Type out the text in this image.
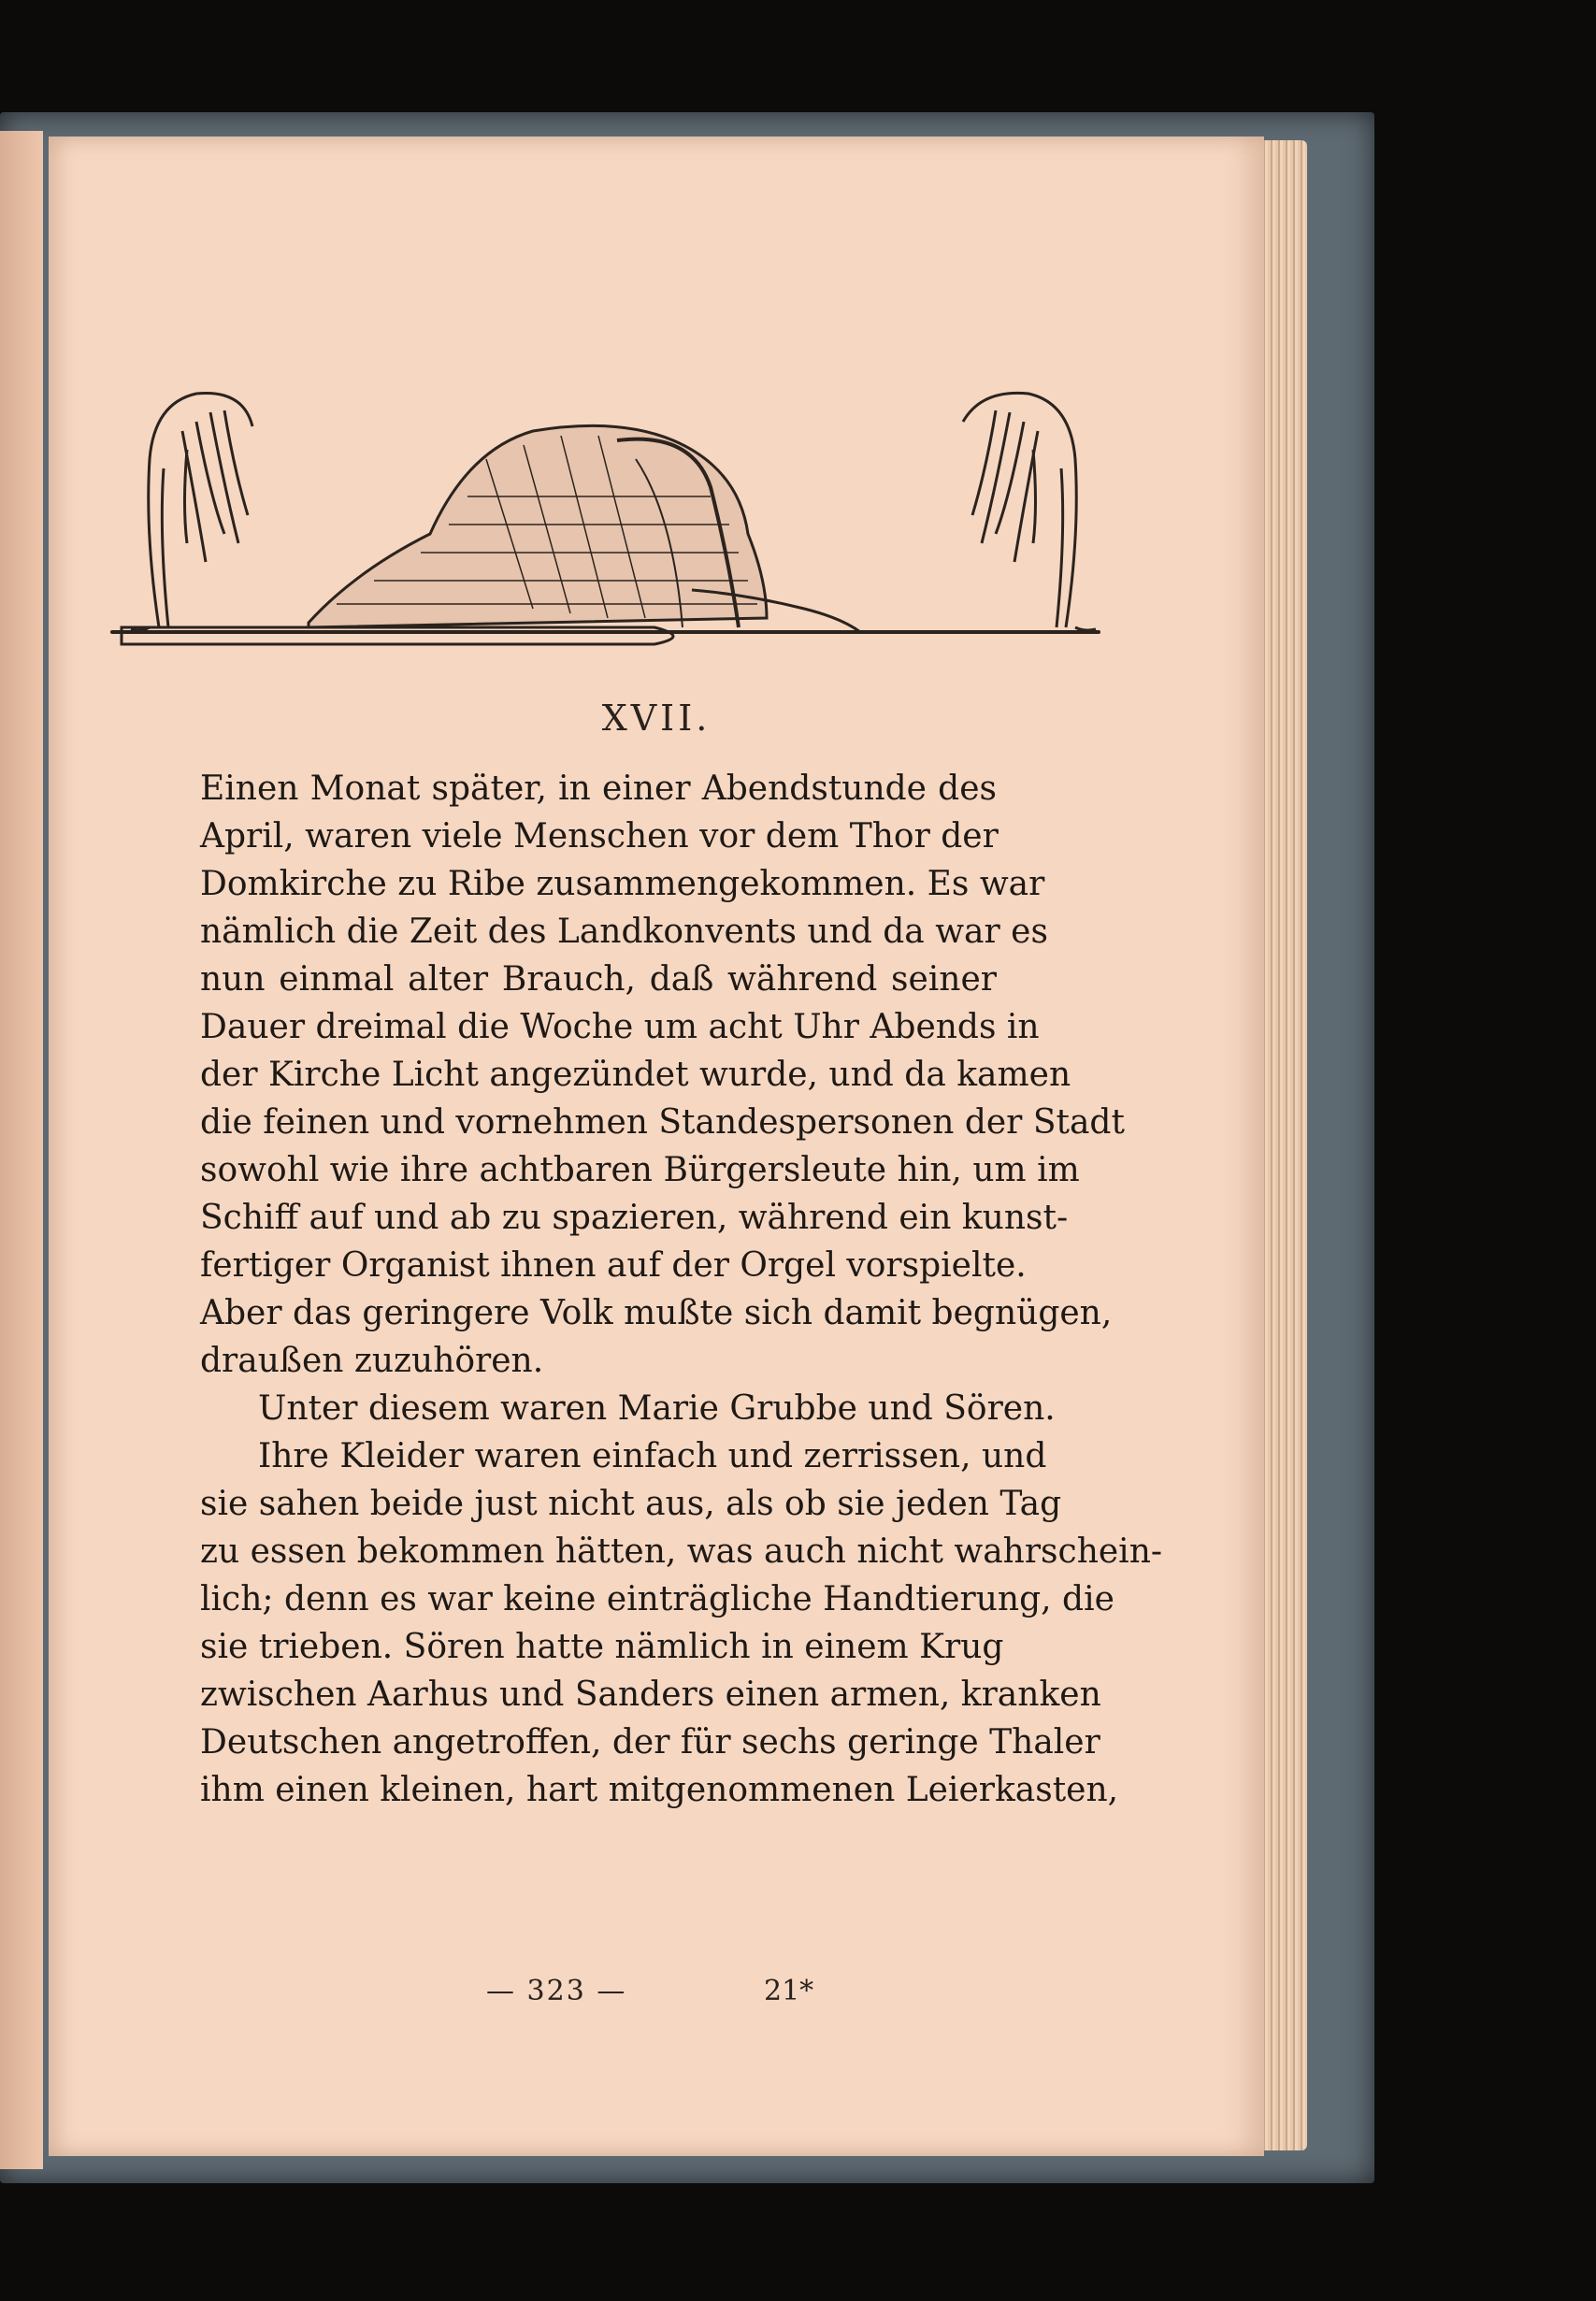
XVII.
Einen Monat später, in einer Abendstunde des
April, waren viele Menschen vor dem Thor der
Domkirche zu Ribe zusammengekommen. Es war
nämlich die Zeit des Landkonvents und da war es
nun einmal alter Brauch, daß während seiner
Dauer dreimal die Woche um acht Uhr Abends in
der Kirche Licht angezündet wurde, und da kamen
die feinen und vornehmen Standespersonen der Stadt
sowohl wie ihre achtbaren Bürgersleute hin, um im
Schiff auf und ab zu spazieren, während ein kunst-
fertiger Organist ihnen auf der Orgel vorspielte.
Aber das geringere Volk mußte sich damit begnügen,
draußen zuzuhören.
Unter diesem waren Marie Grubbe und Sören.
Ihre Kleider waren einfach und zerrissen, und
sie sahen beide just nicht aus, als ob sie jeden Tag
zu essen bekommen hätten, was auch nicht wahrschein-
lich; denn es war keine einträgliche Handtierung, die
sie trieben. Sören hatte nämlich in einem Krug
zwischen Aarhus und Sanders einen armen, kranken
Deutschen angetroffen, der für sechs geringe Thaler
ihm einen kleinen, hart mitgenommenen Leierkasten,
— 323 —	21*
